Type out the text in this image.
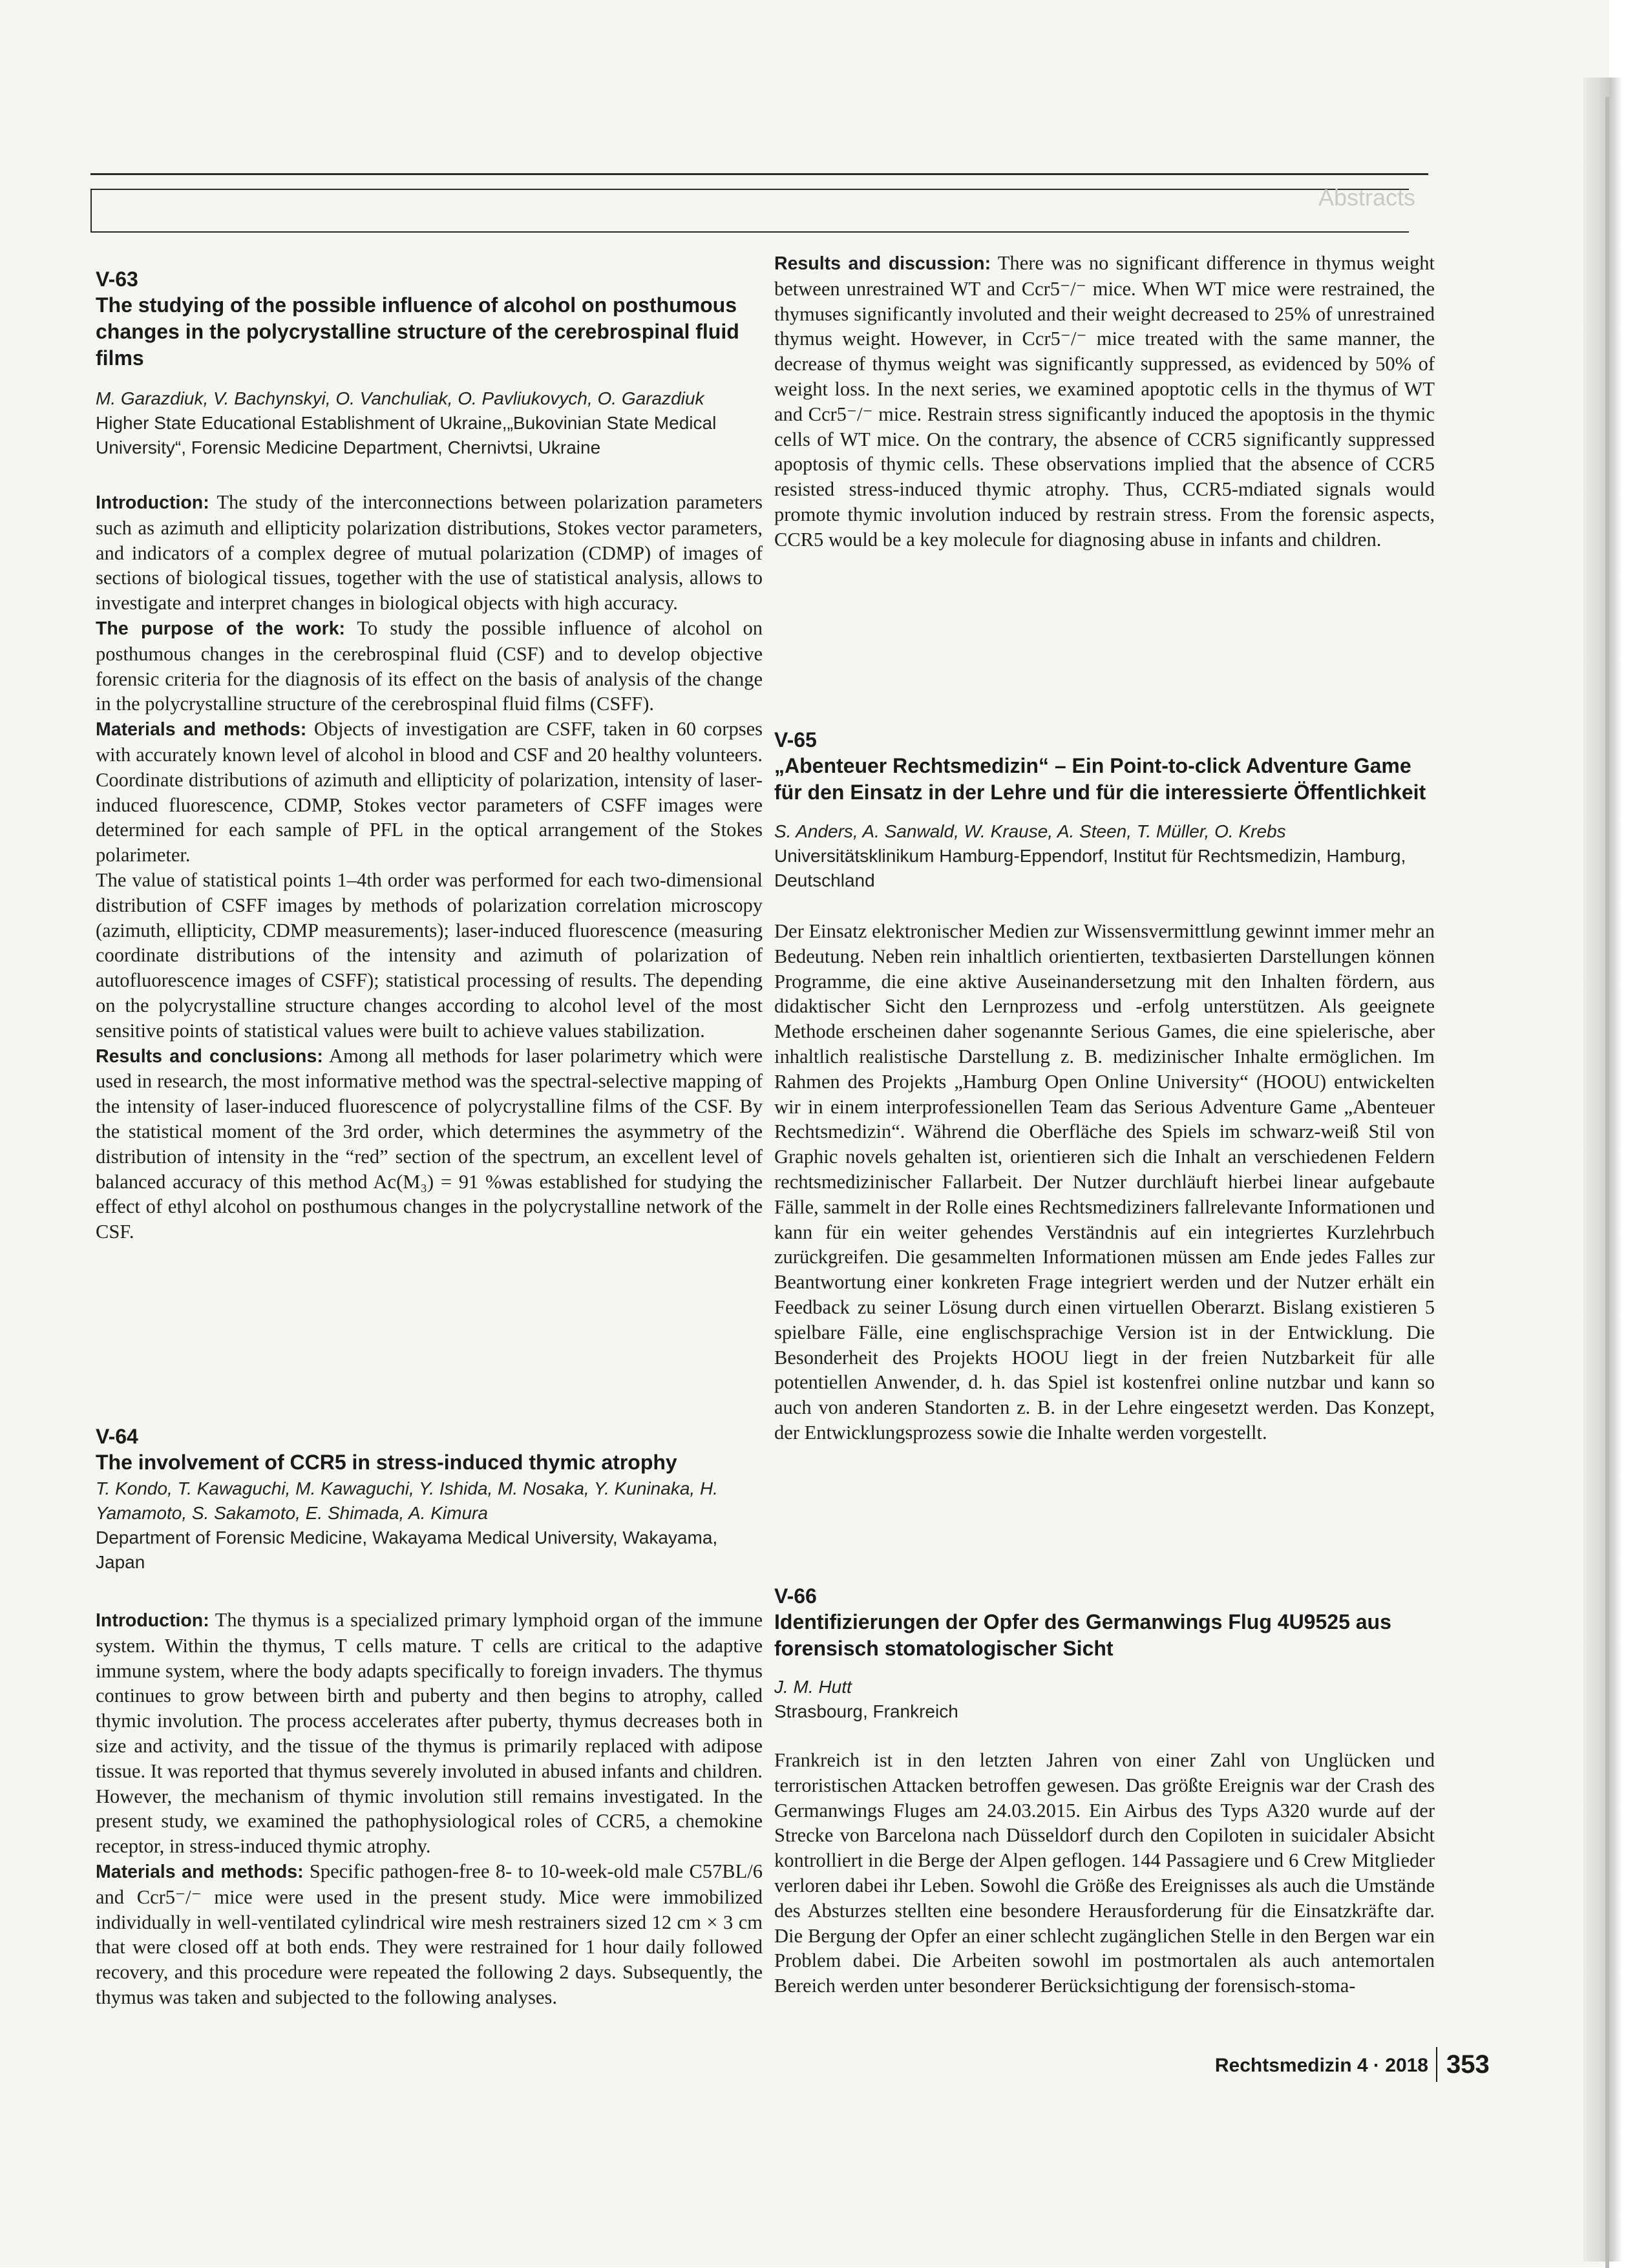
Abstracts

V-63

The studying of the possible influence of alcohol on posthumous changes in the polycrystalline structure of the cerebrospinal fluid films

M. Garazdiuk, V. Bachynskyi, O. Vanchuliak, O. Pavliukovych, O. Garazdiuk

Higher State Educational Establishment of Ukraine,„Bukovinian State Medical University“, Forensic Medicine Department, Chernivtsi, Ukraine

Introduction: The study of the interconnections between polarization parameters such as azimuth and ellipticity polarization distributions, Stokes vector parameters, and indicators of a complex degree of mutual polarization (CDMP) of images of sections of biological tissues, together with the use of statistical analysis, allows to investigate and interpret changes in biological objects with high accuracy.

The purpose of the work: To study the possible influence of alcohol on posthumous changes in the cerebrospinal fluid (CSF) and to develop objective forensic criteria for the diagnosis of its effect on the basis of analysis of the change in the polycrystalline structure of the cerebrospinal fluid films (CSFF).

Materials and methods: Objects of investigation are CSFF, taken in 60 corpses with accurately known level of alcohol in blood and CSF and 20 healthy volunteers. Coordinate distributions of azimuth and ellipticity of polarization, intensity of laser-induced fluorescence, CDMP, Stokes vector parameters of CSFF images were determined for each sample of PFL in the optical arrangement of the Stokes polarimeter.

The value of statistical points 1–4th order was performed for each two-dimensional distribution of CSFF images by methods of polarization correlation microscopy (azimuth, ellipticity, CDMP measurements); laser-induced fluorescence (measuring coordinate distributions of the intensity and azimuth of polarization of autofluorescence images of CSFF); statistical processing of results. The depending on the polycrystalline structure changes according to alcohol level of the most sensitive points of statistical values were built to achieve values stabilization.

Results and conclusions: Among all methods for laser polarimetry which were used in research, the most informative method was the spectral-selective mapping of the intensity of laser-induced fluorescence of polycrystalline films of the CSF. By the statistical moment of the 3rd order, which determines the asymmetry of the distribution of intensity in the “red” section of the spectrum, an excellent level of balanced accuracy of this method Ac(M₃) = 91 %was established for studying the effect of ethyl alcohol on posthumous changes in the polycrystalline network of the CSF.

V-64

The involvement of CCR5 in stress-induced thymic atrophy

T. Kondo, T. Kawaguchi, M. Kawaguchi, Y. Ishida, M. Nosaka, Y. Kuninaka, H. Yamamoto, S. Sakamoto, E. Shimada, A. Kimura

Department of Forensic Medicine, Wakayama Medical University, Wakayama, Japan

Introduction: The thymus is a specialized primary lymphoid organ of the immune system. Within the thymus, T cells mature. T cells are critical to the adaptive immune system, where the body adapts specifically to foreign invaders. The thymus continues to grow between birth and puberty and then begins to atrophy, called thymic involution. The process accelerates after puberty, thymus decreases both in size and activity, and the tissue of the thymus is primarily replaced with adipose tissue. It was reported that thymus severely involuted in abused infants and children. However, the mechanism of thymic involution still remains investigated. In the present study, we examined the pathophysiological roles of CCR5, a chemokine receptor, in stress-induced thymic atrophy.

Materials and methods: Specific pathogen-free 8- to 10-week-old male C57BL/6 and Ccr5⁻/⁻ mice were used in the present study. Mice were immobilized individually in well-ventilated cylindrical wire mesh restrainers sized 12 cm × 3 cm that were closed off at both ends. They were restrained for 1 hour daily followed recovery, and this procedure were repeated the following 2 days. Subsequently, the thymus was taken and subjected to the following analyses.

Results and discussion: There was no significant difference in thymus weight between unrestrained WT and Ccr5⁻/⁻ mice. When WT mice were restrained, the thymuses significantly involuted and their weight decreased to 25% of unrestrained thymus weight. However, in Ccr5⁻/⁻ mice treated with the same manner, the decrease of thymus weight was significantly suppressed, as evidenced by 50% of weight loss. In the next series, we examined apoptotic cells in the thymus of WT and Ccr5⁻/⁻ mice. Restrain stress significantly induced the apoptosis in the thymic cells of WT mice. On the contrary, the absence of CCR5 significantly suppressed apoptosis of thymic cells. These observations implied that the absence of CCR5 resisted stress-induced thymic atrophy. Thus, CCR5-mdiated signals would promote thymic involution induced by restrain stress. From the forensic aspects, CCR5 would be a key molecule for diagnosing abuse in infants and children.

V-65

„Abenteuer Rechtsmedizin“ – Ein Point-to-click Adventure Game für den Einsatz in der Lehre und für die interessierte Öffentlichkeit

S. Anders, A. Sanwald, W. Krause, A. Steen, T. Müller, O. Krebs

Universitätsklinikum Hamburg-Eppendorf, Institut für Rechtsmedizin, Hamburg, Deutschland

Der Einsatz elektronischer Medien zur Wissensvermittlung gewinnt immer mehr an Bedeutung. Neben rein inhaltlich orientierten, textbasierten Darstellungen können Programme, die eine aktive Auseinandersetzung mit den Inhalten fördern, aus didaktischer Sicht den Lernprozess und -erfolg unterstützen. Als geeignete Methode erscheinen daher sogenannte Serious Games, die eine spielerische, aber inhaltlich realistische Darstellung z. B. medizinischer Inhalte ermöglichen. Im Rahmen des Projekts „Hamburg Open Online University“ (HOOU) entwickelten wir in einem interprofessionellen Team das Serious Adventure Game „Abenteuer Rechtsmedizin“. Während die Oberfläche des Spiels im schwarz-weiß Stil von Graphic novels gehalten ist, orientieren sich die Inhalt an verschiedenen Feldern rechtsmedizinischer Fallarbeit. Der Nutzer durchläuft hierbei linear aufgebaute Fälle, sammelt in der Rolle eines Rechtsmediziners fallrelevante Informationen und kann für ein weiter gehendes Verständnis auf ein integriertes Kurzlehrbuch zurückgreifen. Die gesammelten Informationen müssen am Ende jedes Falles zur Beantwortung einer konkreten Frage integriert werden und der Nutzer erhält ein Feedback zu seiner Lösung durch einen virtuellen Oberarzt. Bislang existieren 5 spielbare Fälle, eine englischsprachige Version ist in der Entwicklung. Die Besonderheit des Projekts HOOU liegt in der freien Nutzbarkeit für alle potentiellen Anwender, d. h. das Spiel ist kostenfrei online nutzbar und kann so auch von anderen Standorten z. B. in der Lehre eingesetzt werden. Das Konzept, der Entwicklungsprozess sowie die Inhalte werden vorgestellt.

V-66

Identifizierungen der Opfer des Germanwings Flug 4U9525 aus forensisch stomatologischer Sicht

J. M. Hutt

Strasbourg, Frankreich

Frankreich ist in den letzten Jahren von einer Zahl von Unglücken und terroristischen Attacken betroffen gewesen. Das größte Ereignis war der Crash des Germanwings Fluges am 24.03.2015. Ein Airbus des Typs A320 wurde auf der Strecke von Barcelona nach Düsseldorf durch den Copiloten in suicidaler Absicht kontrolliert in die Berge der Alpen geflogen. 144 Passagiere und 6 Crew Mitglieder verloren dabei ihr Leben. Sowohl die Größe des Ereignisses als auch die Umstände des Absturzes stellten eine besondere Herausforderung für die Einsatzkräfte dar. Die Bergung der Opfer an einer schlecht zugänglichen Stelle in den Bergen war ein Problem dabei. Die Arbeiten sowohl im postmortalen als auch antemortalen Bereich werden unter besonderer Berücksichtigung der forensisch-stoma-

Rechtsmedizin 4 · 2018 353
